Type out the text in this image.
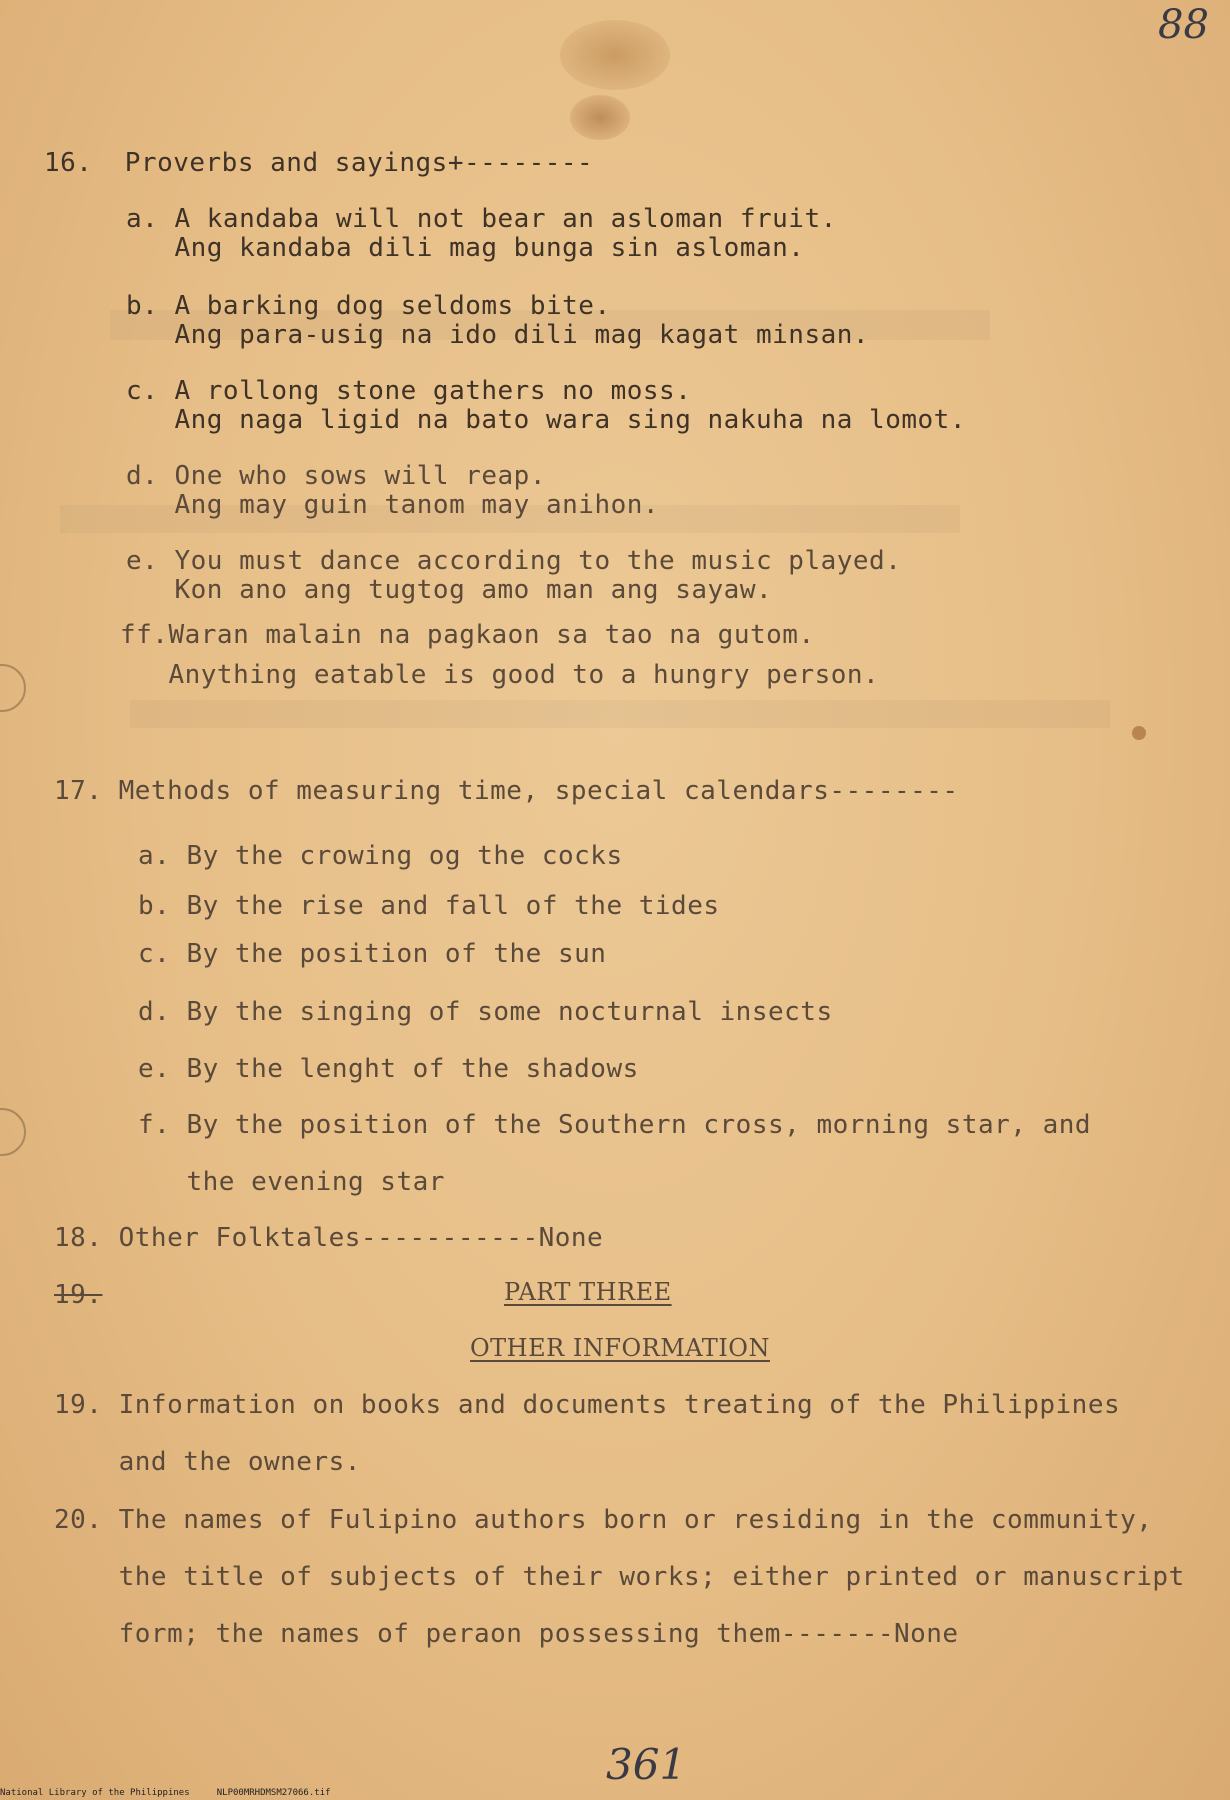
88
361
16.  Proverbs and sayings+--------
a. A kandaba will not bear an asloman fruit.
Ang kandaba dili mag bunga sin asloman.
b. A barking dog seldoms bite.
Ang para-usig na ido dili mag kagat minsan.
c. A rollong stone gathers no moss.
Ang naga ligid na bato wara sing nakuha na lomot.
d. One who sows will reap.
Ang may guin tanom may anihon.
e. You must dance according to the music played.
Kon ano ang tugtog amo man ang sayaw.
ff.Waran malain na pagkaon sa tao na gutom.
Anything eatable is good to a hungry person.
17. Methods of measuring time, special calendars--------
a. By the crowing og the cocks
b. By the rise and fall of the tides
c. By the position of the sun
d. By the singing of some nocturnal insects
e. By the lenght of the shadows
f. By the position of the Southern cross, morning star, and
the evening star
18. Other Folktales-----------None
19.	PART THREE
OTHER INFORMATION
19. Information on books and documents treating of the Philippines
and the owners.
20. The names of Fulipino authors born or residing in the community,
the title of subjects of their works; either printed or manuscript
form; the names of peraon possessing them-------None
National Library of the Philippines     NLP00MRHDMSM27066.tif
